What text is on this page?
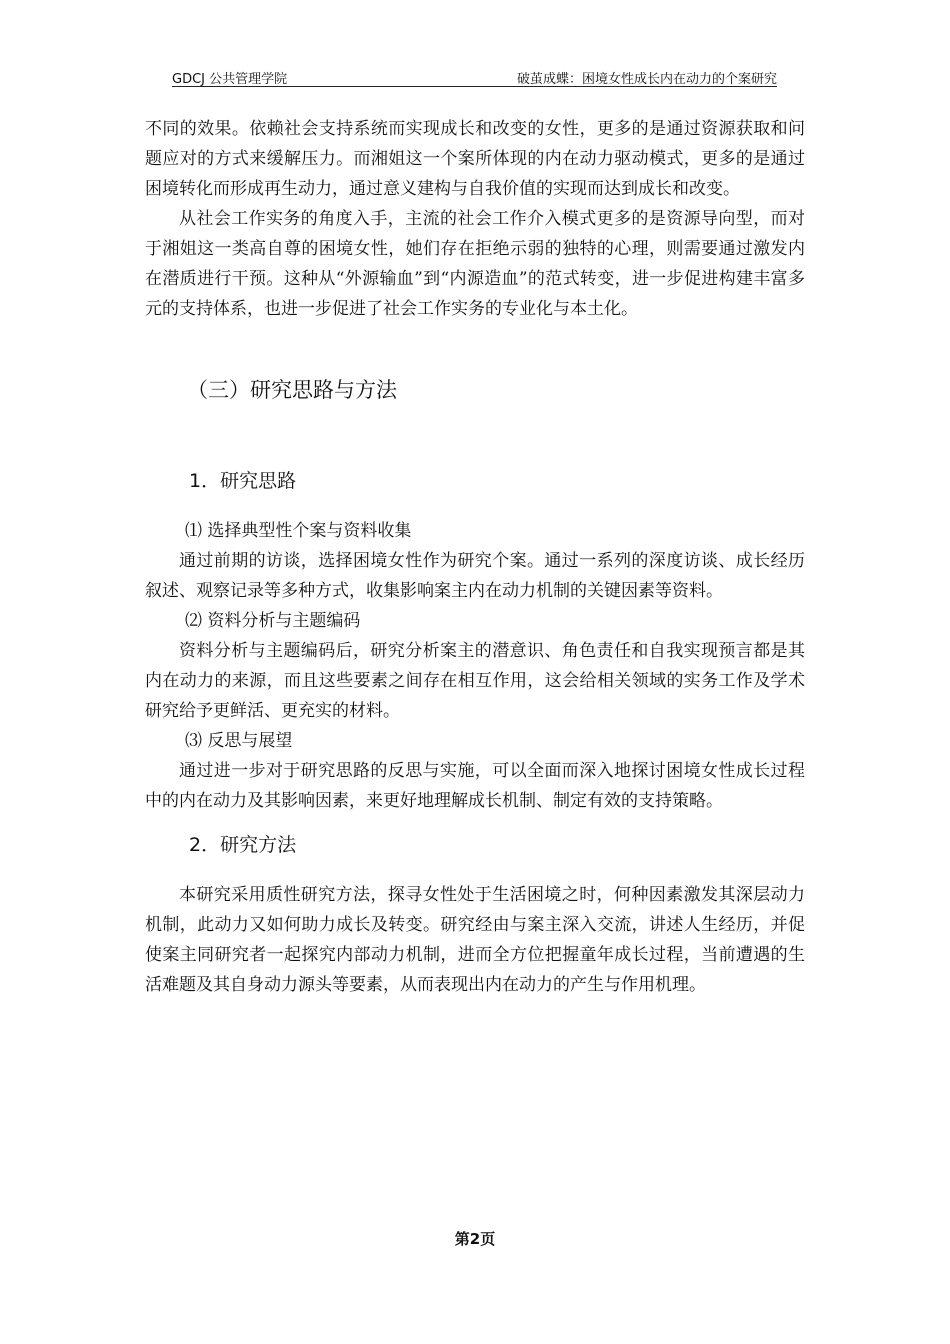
GDCJ 公共管理学院	破茧成蝶：困境女性成长内在动力的个案研究

不同的效果。依赖社会支持系统而实现成长和改变的女性，更多的是通过资源获取和问题应对的方式来缓解压力。而湘姐这一个案所体现的内在动力驱动模式，更多的是通过困境转化而形成再生动力，通过意义建构与自我价值的实现而达到成长和改变。

从社会工作实务的角度入手，主流的社会工作介入模式更多的是资源导向型，而对于湘姐这一类高自尊的困境女性，她们存在拒绝示弱的独特的心理，则需要通过激发内在潜质进行干预。这种从“外源输血”到“内源造血”的范式转变，进一步促进构建丰富多元的支持体系，也进一步促进了社会工作实务的专业化与本土化。

（三）研究思路与方法
1．研究思路

⑴ 选择典型性个案与资料收集

通过前期的访谈，选择困境女性作为研究个案。通过一系列的深度访谈、成长经历叙述、观察记录等多种方式，收集影响案主内在动力机制的关键因素等资料。

⑵ 资料分析与主题编码

资料分析与主题编码后，研究分析案主的潜意识、角色责任和自我实现预言都是其内在动力的来源，而且这些要素之间存在相互作用，这会给相关领域的实务工作及学术研究给予更鲜活、更充实的材料。

⑶ 反思与展望

通过进一步对于研究思路的反思与实施，可以全面而深入地探讨困境女性成长过程中的内在动力及其影响因素，来更好地理解成长机制、制定有效的支持策略。

2．研究方法

本研究采用质性研究方法，探寻女性处于生活困境之时，何种因素激发其深层动力机制，此动力又如何助力成长及转变。研究经由与案主深入交流，讲述人生经历，并促使案主同研究者一起探究内部动力机制，进而全方位把握童年成长过程，当前遭遇的生活难题及其自身动力源头等要素，从而表现出内在动力的产生与作用机理。

第2页
